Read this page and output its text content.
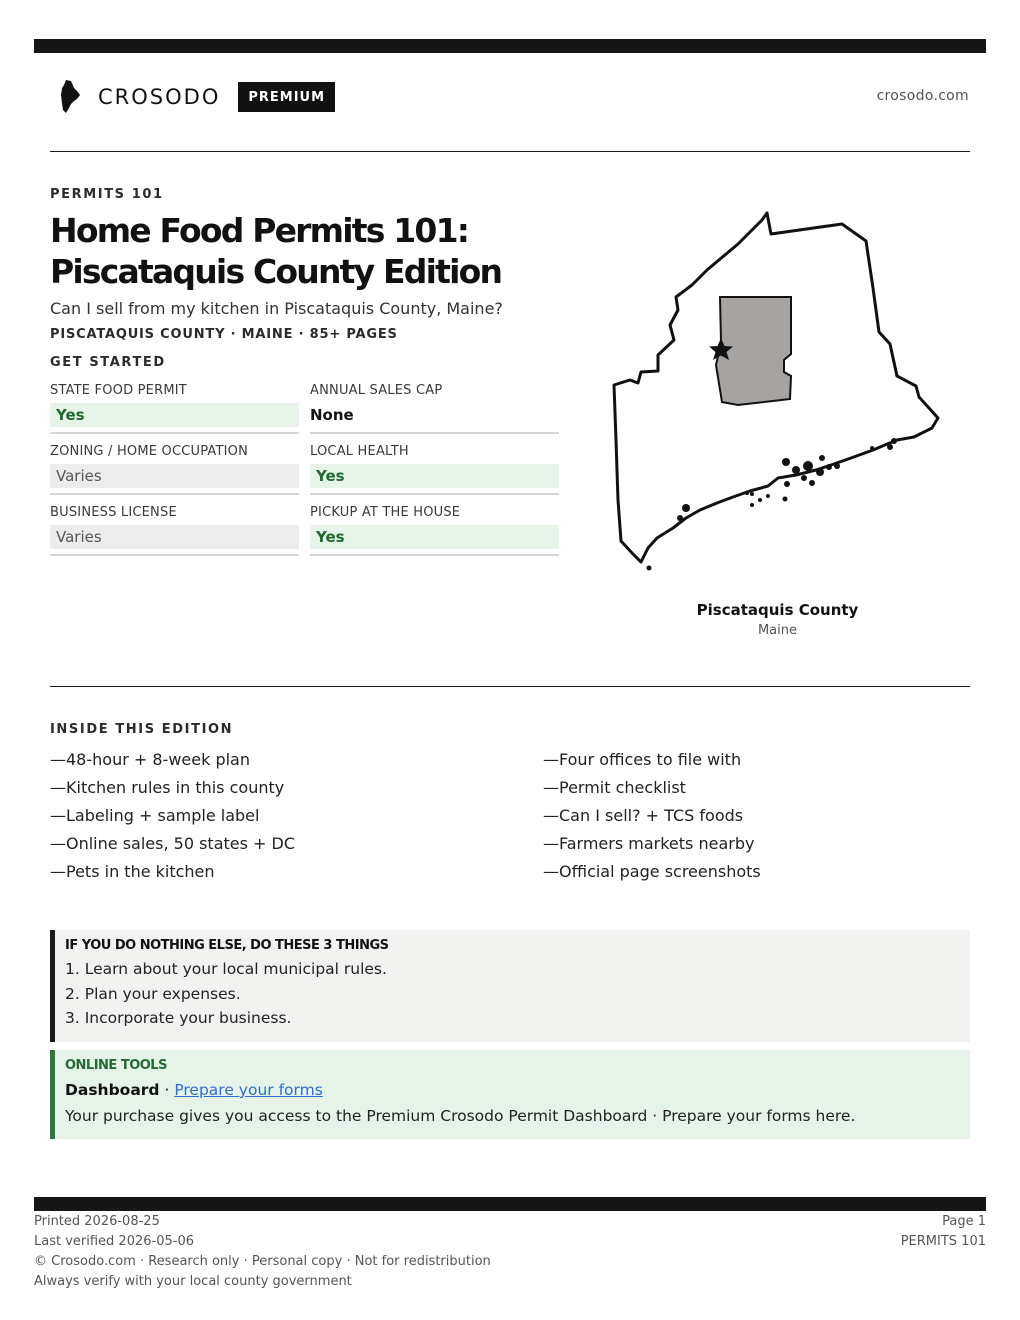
CROSODO	PREMIUM	crosodo.com
PERMITS 101
Home Food Permits 101:
Piscataquis County Edition
Can I sell from my kitchen in Piscataquis County, Maine?
PISCATAQUIS COUNTY · MAINE · 85+ PAGES
GET STARTED
STATE FOOD PERMIT
Yes
ANNUAL SALES CAP
None
ZONING / HOME OCCUPATION
Varies
LOCAL HEALTH
Yes
BUSINESS LICENSE
Varies
PICKUP AT THE HOUSE
Yes
Piscataquis County
Maine
INSIDE THIS EDITION
—48-hour + 8-week plan
—Kitchen rules in this county
—Labeling + sample label
—Online sales, 50 states + DC
—Pets in the kitchen
—Four offices to file with
—Permit checklist
—Can I sell? + TCS foods
—Farmers markets nearby
—Official page screenshots
IF YOU DO NOTHING ELSE, DO THESE 3 THINGS
1. Learn about your local municipal rules.
2. Plan your expenses.
3. Incorporate your business.
ONLINE TOOLS
Dashboard · Prepare your forms
Your purchase gives you access to the Premium Crosodo Permit Dashboard · Prepare your forms here.
Printed 2026-08-25
Last verified 2026-05-06
© Crosodo.com · Research only · Personal copy · Not for redistribution
Always verify with your local county government
Page 1
PERMITS 101
